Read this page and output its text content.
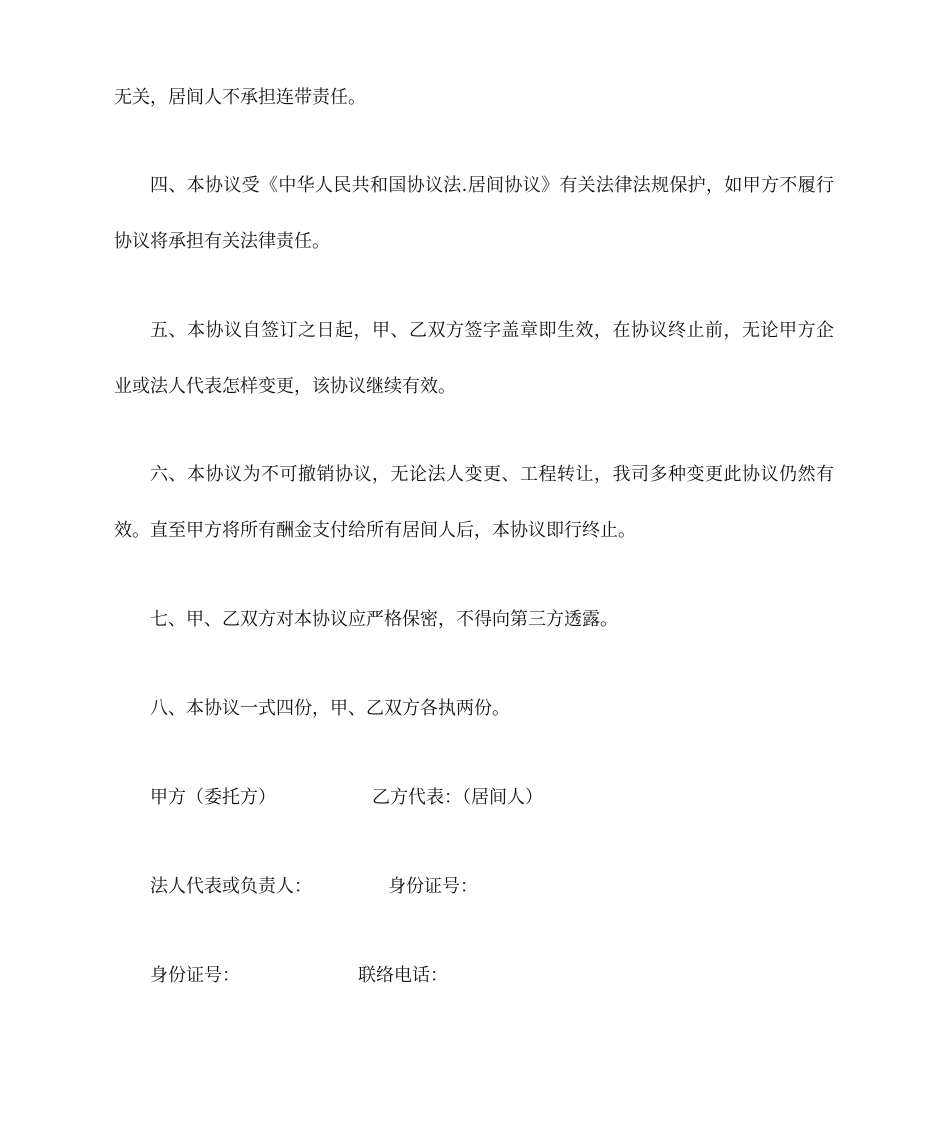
无关，居间人不承担连带责任。
四、本协议受《中华人民共和国协议法.居间协议》有关法律法规保护，如甲方不履行
协议将承担有关法律责任。
五、本协议自签订之日起，甲、乙双方签字盖章即生效，在协议终止前，无论甲方企
业或法人代表怎样变更，该协议继续有效。
六、本协议为不可撤销协议，无论法人变更、工程转让，我司多种变更此协议仍然有
效。直至甲方将所有酬金支付给所有居间人后，本协议即行终止。
七、甲、乙双方对本协议应严格保密，不得向第三方透露。
八、本协议一式四份，甲、乙双方各执两份。
甲方（委托方）	乙方代表：（居间人）
法人代表或负责人：	身份证号：
身份证号：	联络电话：
